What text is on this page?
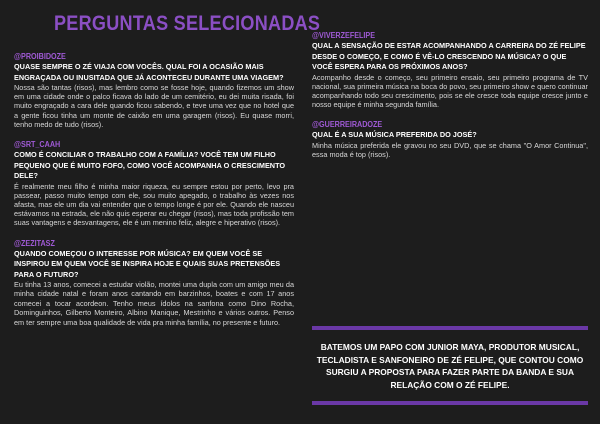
PERGUNTAS SELECIONADAS
@PROIBIDOZE
QUASE SEMPRE O ZÉ VIAJA COM VOCÊS. QUAL FOI A OCASIÃO MAIS ENGRAÇADA OU INUSITADA QUE JÁ ACONTECEU DURANTE UMA VIAGEM?
Nossa são tantas (risos), mas lembro como se fosse hoje, quando fizemos um show em uma cidade onde o palco ficava do lado de um cemitério, eu dei muita risada, foi muito engraçado a cara dele quando ficou sabendo, e teve uma vez que no hotel que a gente ficou tinha um monte de caixão em uma garagem (risos). Eu quase morri, tenho medo de tudo (risos).
@SRT_CAAH
COMO É CONCILIAR O TRABALHO COM A FAMÍLIA? VOCÊ TEM UM FILHO PEQUENO QUE É MUITO FOFO, COMO VOCÊ ACOMPANHA O CRESCIMENTO DELE?
É realmente meu filho é minha maior riqueza, eu sempre estou por perto, levo pra passear, passo muito tempo com ele, sou muito apegado, o trabalho às vezes nos afasta, mas ele um dia vai entender que o tempo longe é por ele. Quando ele nasceu estávamos na estrada, ele não quis esperar eu chegar (risos), mas toda profissão tem suas vantagens e desvantagens, ele é um menino feliz, alegre e hiperativo (risos).
@ZEZITASZ
QUANDO COMEÇOU O INTERESSE POR MÚSICA? EM QUEM VOCÊ SE INSPIROU EM QUEM VOCÊ SE INSPIRA HOJE E QUAIS SUAS PRETENSÕES PARA O FUTURO?
Eu tinha 13 anos, comecei a estudar violão, montei uma dupla com um amigo meu da minha cidade natal e foram anos cantando em barzinhos, boates e com 17 anos comecei a tocar acordeon. Tenho meus ídolos na sanfona como Dino Rocha, Dominguinhos, Gilberto Monteiro, Albino Manique, Mestrinho e vários outros. Penso em ter sempre uma boa qualidade de vida pra minha família, no presente e futuro.
@VIVERZEFELIPE
QUAL A SENSAÇÃO DE ESTAR ACOMPANHANDO A CARREIRA DO ZÉ FELIPE DESDE O COMEÇO, E COMO É VÊ-LO CRESCENDO NA MÚSICA? O QUE VOCÊ ESPERA PARA OS PRÓXIMOS ANOS?
Acompanho desde o começo, seu primeiro ensaio, seu primeiro programa de TV nacional, sua primeira música na boca do povo, seu primeiro show e quero continuar acompanhando todo seu crescimento, pois se ele cresce toda equipe cresce junto e nosso equipe é minha segunda família.
@GUERREIRADOZE
QUAL É A SUA MÚSICA PREFERIDA DO JOSÉ?
Minha música preferida ele gravou no seu DVD, que se chama "O Amor Continua", essa moda é top (risos).
BATEMOS UM PAPO COM JUNIOR MAYA, PRODUTOR MUSICAL, TECLADISTA E SANFONEIRO DE ZÉ FELIPE, QUE CONTOU COMO SURGIU A PROPOSTA PARA FAZER PARTE DA BANDA E SUA RELAÇÃO COM O ZÉ FELIPE.
